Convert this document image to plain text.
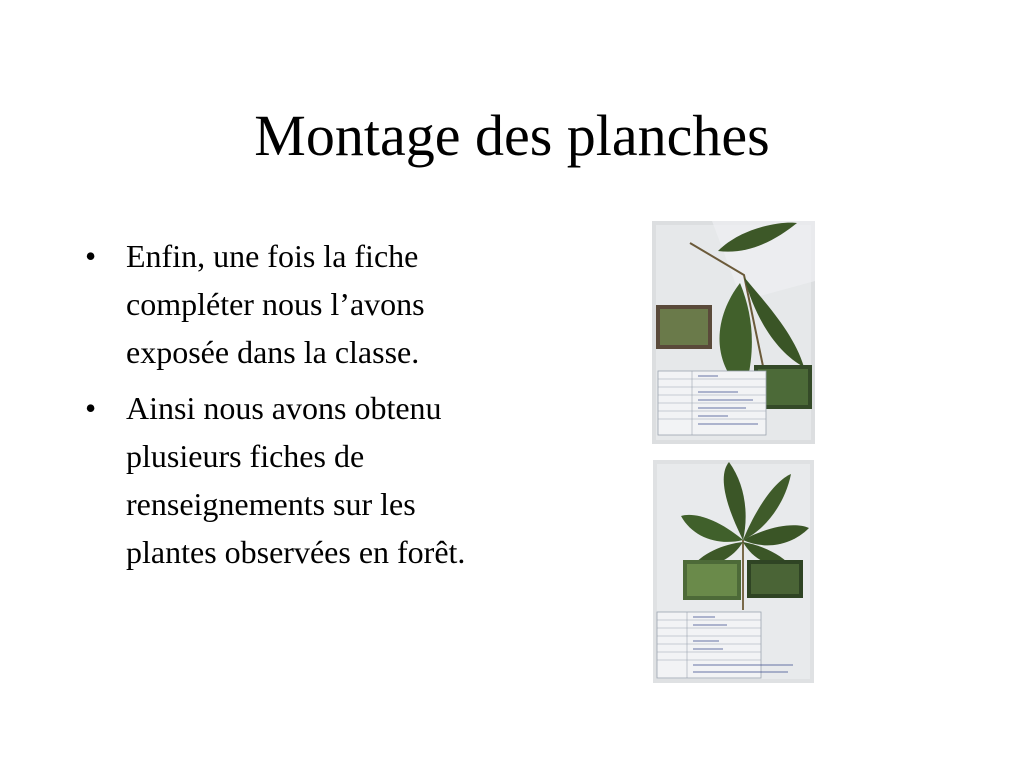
Montage des planches
• Enfin, une fois la fiche compléter nous l’avons exposée dans la classe.
• Ainsi nous avons obtenu plusieurs fiches de renseignements sur les plantes observées en forêt.
